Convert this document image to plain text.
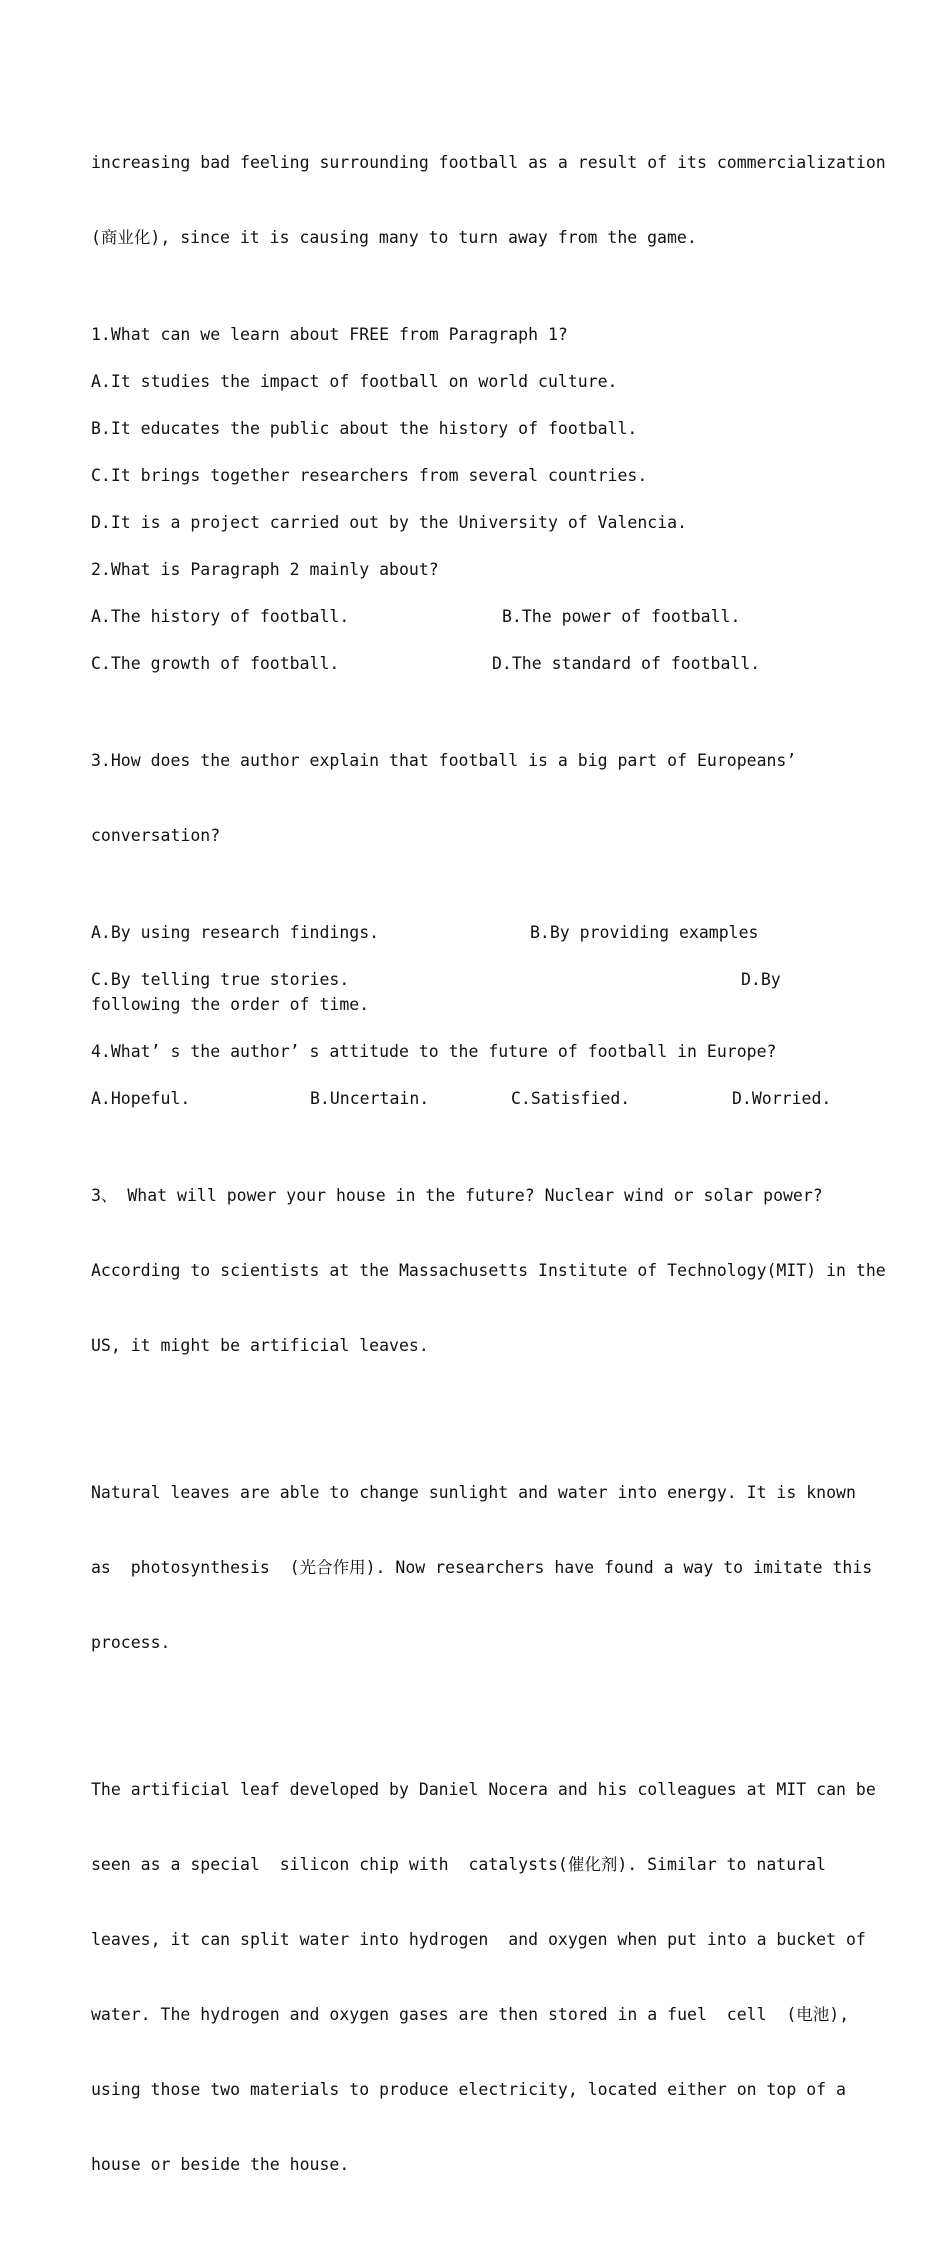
increasing bad feeling surrounding football as a result of its commercialization

(商业化), since it is causing many to turn away from the game.

1.What can we learn about FREE from Paragraph 1?
A.It studies the impact of football on world culture.
B.It educates the public about the history of football.
C.It brings together researchers from several countries.
D.It is a project carried out by the University of Valencia.
2.What is Paragraph 2 mainly about?

A.The history of football.

	B.The power of football.

C.The growth of football.

	D.The standard of football.

3.How does the author explain that football is a big part of Europeans’

conversation?

A.By using research findings.

	B.By providing examples

C.By telling true stories.

	D.By

following the order of time.

4.What’ s the author’ s attitude to the future of football in Europe?

A.Hopeful.

	B.Uncertain.

	C.Satisfied.

	D.Worried.

3、 What will power your house in the future? Nuclear wind or solar power?

According to scientists at the Massachusetts Institute of Technology(MIT) in the

US, it might be artificial leaves.

Natural leaves are able to change sunlight and water into energy. It is known

as  photosynthesis  (光合作用). Now researchers have found a way to imitate this

process.

The artificial leaf developed by Daniel Nocera and his colleagues at MIT can be

seen as a special  silicon chip with  catalysts(催化剂). Similar to natural

leaves, it can split water into hydrogen  and oxygen when put into a bucket of

water. The hydrogen and oxygen gases are then stored in a fuel  cell  (电池),

using those two materials to produce electricity, located either on top of a

house or beside the house.
